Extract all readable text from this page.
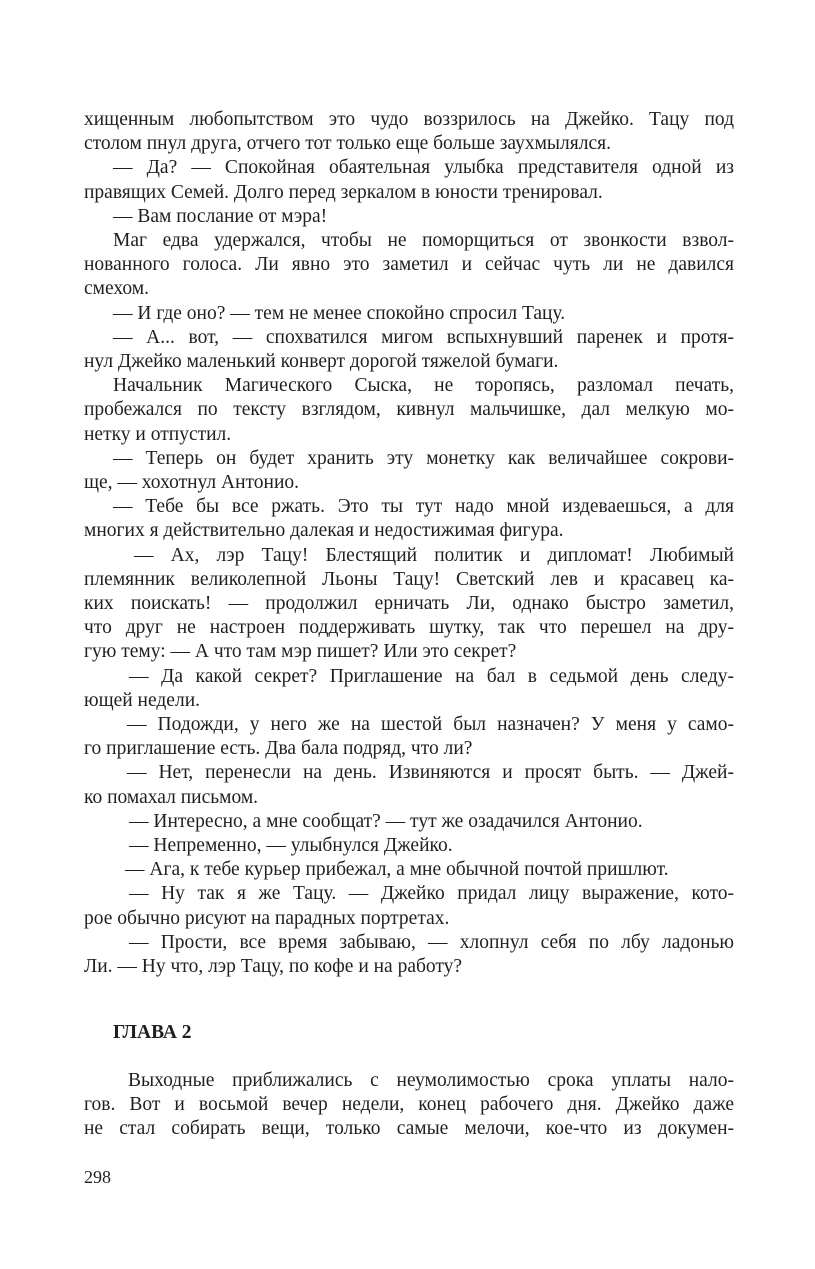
хищенным любопытством это чудо воззрилось на Джейко. Тацу под
столом пнул друга, отчего тот только еще больше заухмылялся.
— Да? — Спокойная обаятельная улыбка представителя одной из
правящих Семей. Долго перед зеркалом в юности тренировал.
— Вам послание от мэра!
Маг едва удержался, чтобы не поморщиться от звонкости взвол-
нованного голоса. Ли явно это заметил и сейчас чуть ли не давился
смехом.
— И где оно? — тем не менее спокойно спросил Тацу.
— А... вот, — спохватился мигом вспыхнувший паренек и протя-
нул Джейко маленький конверт дорогой тяжелой бумаги.
Начальник Магического Сыска, не торопясь, разломал печать,
пробежался по тексту взглядом, кивнул мальчишке, дал мелкую мо-
нетку и отпустил.
— Теперь он будет хранить эту монетку как величайшее сокрови-
ще, — хохотнул Антонио.
— Тебе бы все ржать. Это ты тут надо мной издеваешься, а для
многих я действительно далекая и недостижимая фигура.
— Ах, лэр Тацу! Блестящий политик и дипломат! Любимый
племянник великолепной Льоны Тацу! Светский лев и красавец ка-
ких поискать! — продолжил ерничать Ли, однако быстро заметил,
что друг не настроен поддерживать шутку, так что перешел на дру-
гую тему: — А что там мэр пишет? Или это секрет?
— Да какой секрет? Приглашение на бал в седьмой день следу-
ющей недели.
— Подожди, у него же на шестой был назначен? У меня у само-
го приглашение есть. Два бала подряд, что ли?
— Нет, перенесли на день. Извиняются и просят быть. — Джей-
ко помахал письмом.
— Интересно, а мне сообщат? — тут же озадачился Антонио.
— Непременно, — улыбнулся Джейко.
— Ага, к тебе курьер прибежал, а мне обычной почтой пришлют.
— Ну так я же Тацу. — Джейко придал лицу выражение, кото-
рое обычно рисуют на парадных портретах.
— Прости, все время забываю, — хлопнул себя по лбу ладонью
Ли. — Ну что, лэр Тацу, по кофе и на работу?
ГЛАВА 2
Выходные приближались с неумолимостью срока уплаты нало-
гов. Вот и восьмой вечер недели, конец рабочего дня. Джейко даже
не стал собирать вещи, только самые мелочи, кое-что из докумен-
298
